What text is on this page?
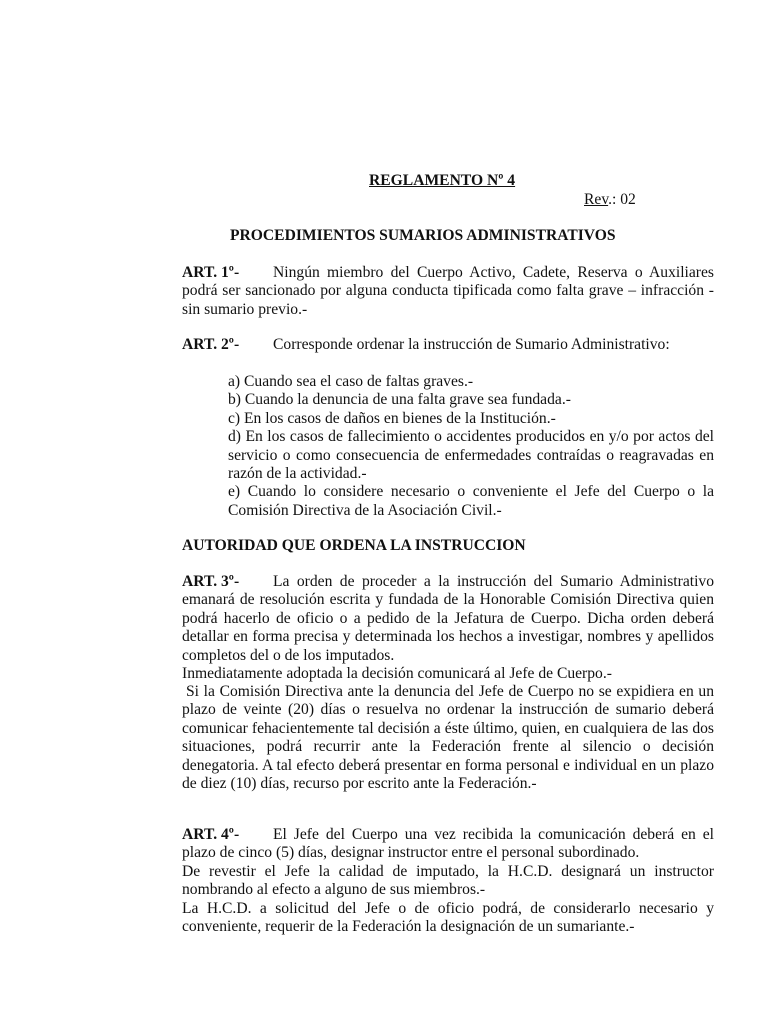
REGLAMENTO Nº 4
Rev.: 02
PROCEDIMIENTOS SUMARIOS ADMINISTRATIVOS
ART. 1º- Ningún miembro del Cuerpo Activo, Cadete, Reserva o Auxiliares podrá ser sancionado por alguna conducta tipificada como falta grave – infracción - sin sumario previo.-
ART. 2º- Corresponde ordenar la instrucción de Sumario Administrativo:
a) Cuando sea el caso de faltas graves.-
b) Cuando la denuncia de una falta grave sea fundada.-
c) En los casos de daños en bienes de la Institución.-
d) En los casos de fallecimiento o accidentes producidos en y/o por actos del servicio o como consecuencia de enfermedades contraídas o reagravadas en razón de la actividad.-
e) Cuando lo considere necesario o conveniente el Jefe del Cuerpo o la Comisión Directiva de la Asociación Civil.-
AUTORIDAD QUE ORDENA LA INSTRUCCION
ART. 3º- La orden de proceder a la instrucción del Sumario Administrativo emanará de resolución escrita y fundada de la Honorable Comisión Directiva quien podrá hacerlo de oficio o a pedido de la Jefatura de Cuerpo. Dicha orden deberá detallar en forma precisa y determinada los hechos a investigar, nombres y apellidos completos del o de los imputados.
Inmediatamente adoptada la decisión comunicará al Jefe de Cuerpo.-
Si la Comisión Directiva ante la denuncia del Jefe de Cuerpo no se expidiera en un plazo de veinte (20) días o resuelva no ordenar la instrucción de sumario deberá comunicar fehacientemente tal decisión a éste último, quien, en cualquiera de las dos situaciones, podrá recurrir ante la Federación frente al silencio o decisión denegatoria. A tal efecto deberá presentar en forma personal e individual en un plazo de diez (10) días, recurso por escrito ante la Federación.-
ART. 4º- El Jefe del Cuerpo una vez recibida la comunicación deberá en el plazo de cinco (5) días, designar instructor entre el personal subordinado.
De revestir el Jefe la calidad de imputado, la H.C.D. designará un instructor nombrando al efecto a alguno de sus miembros.-
La H.C.D. a solicitud del Jefe o de oficio podrá, de considerarlo necesario y conveniente, requerir de la Federación la designación de un sumariante.-
